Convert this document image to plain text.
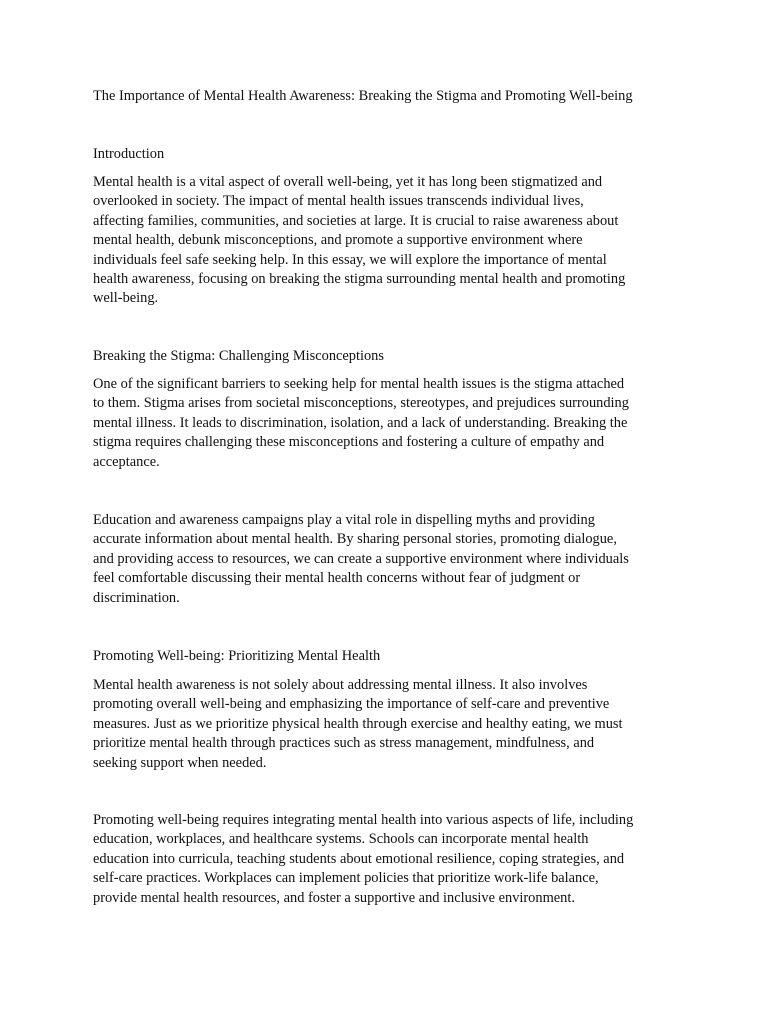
The Importance of Mental Health Awareness: Breaking the Stigma and Promoting Well-being

Introduction

Mental health is a vital aspect of overall well-being, yet it has long been stigmatized and
overlooked in society. The impact of mental health issues transcends individual lives,
affecting families, communities, and societies at large. It is crucial to raise awareness about
mental health, debunk misconceptions, and promote a supportive environment where
individuals feel safe seeking help. In this essay, we will explore the importance of mental
health awareness, focusing on breaking the stigma surrounding mental health and promoting
well-being.

Breaking the Stigma: Challenging Misconceptions

One of the significant barriers to seeking help for mental health issues is the stigma attached
to them. Stigma arises from societal misconceptions, stereotypes, and prejudices surrounding
mental illness. It leads to discrimination, isolation, and a lack of understanding. Breaking the
stigma requires challenging these misconceptions and fostering a culture of empathy and
acceptance.
Education and awareness campaigns play a vital role in dispelling myths and providing
accurate information about mental health. By sharing personal stories, promoting dialogue,
and providing access to resources, we can create a supportive environment where individuals
feel comfortable discussing their mental health concerns without fear of judgment or
discrimination.

Promoting Well-being: Prioritizing Mental Health

Mental health awareness is not solely about addressing mental illness. It also involves
promoting overall well-being and emphasizing the importance of self-care and preventive
measures. Just as we prioritize physical health through exercise and healthy eating, we must
prioritize mental health through practices such as stress management, mindfulness, and
seeking support when needed.
Promoting well-being requires integrating mental health into various aspects of life, including
education, workplaces, and healthcare systems. Schools can incorporate mental health
education into curricula, teaching students about emotional resilience, coping strategies, and
self-care practices. Workplaces can implement policies that prioritize work-life balance,
provide mental health resources, and foster a supportive and inclusive environment.
